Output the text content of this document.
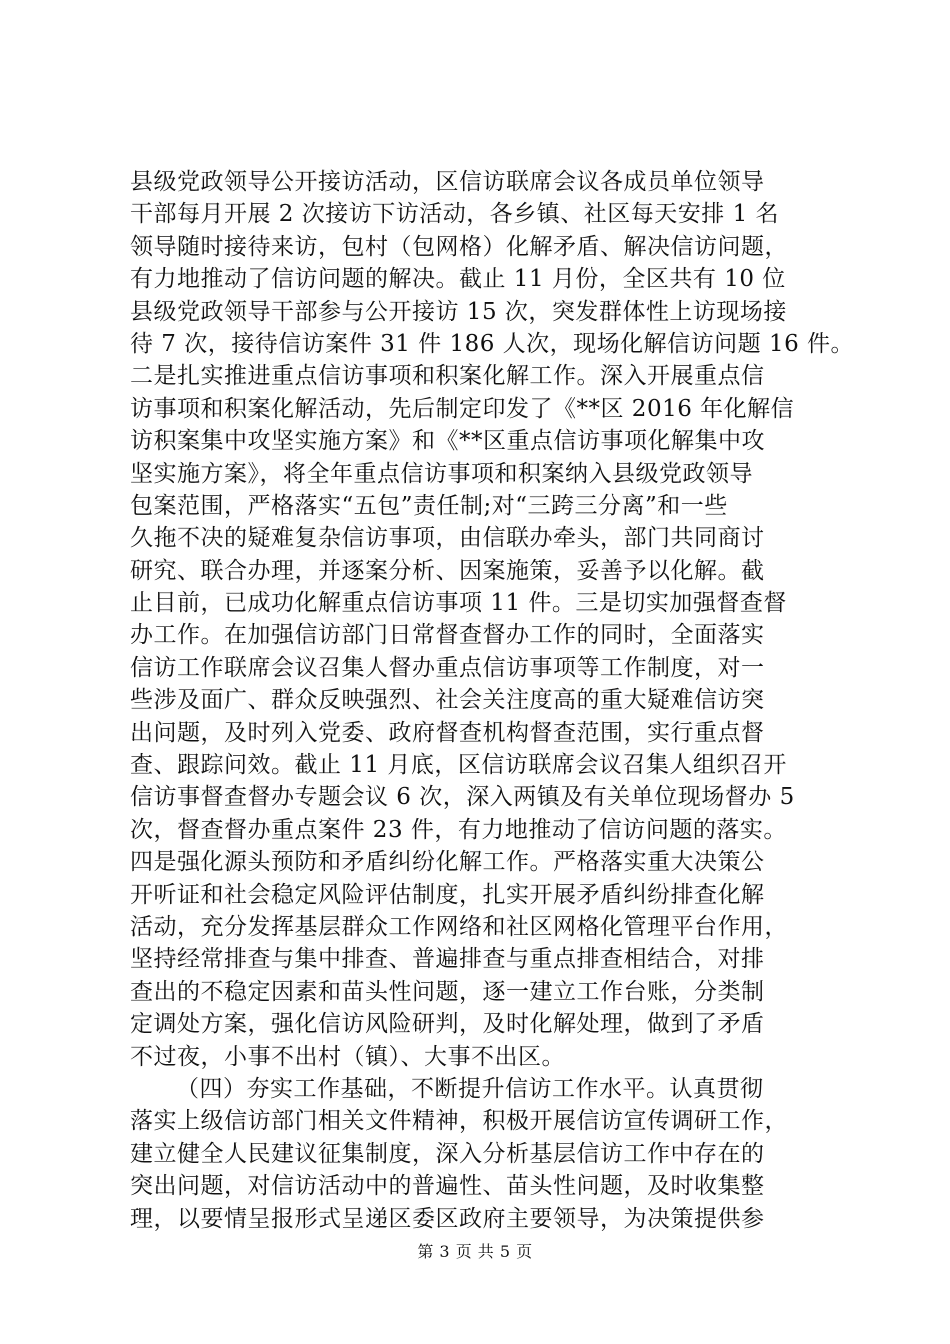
县级党政领导公开接访活动，区信访联席会议各成员单位领导
干部每月开展 2 次接访下访活动，各乡镇、社区每天安排 1 名
领导随时接待来访，包村（包网格）化解矛盾、解决信访问题，
有力地推动了信访问题的解决。截止 11 月份，全区共有 10 位
县级党政领导干部参与公开接访 15 次，突发群体性上访现场接
待 7 次，接待信访案件 31 件 186 人次，现场化解信访问题 16 件。
二是扎实推进重点信访事项和积案化解工作。深入开展重点信
访事项和积案化解活动，先后制定印发了《**区 2016 年化解信
访积案集中攻坚实施方案》和《**区重点信访事项化解集中攻
坚实施方案》，将全年重点信访事项和积案纳入县级党政领导
包案范围，严格落实“五包”责任制;对“三跨三分离”和一些
久拖不决的疑难复杂信访事项，由信联办牵头，部门共同商讨
研究、联合办理，并逐案分析、因案施策，妥善予以化解。截
止目前，已成功化解重点信访事项 11 件。三是切实加强督查督
办工作。在加强信访部门日常督查督办工作的同时，全面落实
信访工作联席会议召集人督办重点信访事项等工作制度，对一
些涉及面广、群众反映强烈、社会关注度高的重大疑难信访突
出问题，及时列入党委、政府督查机构督查范围，实行重点督
查、跟踪问效。截止 11 月底，区信访联席会议召集人组织召开
信访事督查督办专题会议 6 次，深入两镇及有关单位现场督办 5
次，督查督办重点案件 23 件，有力地推动了信访问题的落实。
四是强化源头预防和矛盾纠纷化解工作。严格落实重大决策公
开听证和社会稳定风险评估制度，扎实开展矛盾纠纷排查化解
活动，充分发挥基层群众工作网络和社区网格化管理平台作用，
坚持经常排查与集中排查、普遍排查与重点排查相结合，对排
查出的不稳定因素和苗头性问题，逐一建立工作台账，分类制
定调处方案，强化信访风险研判，及时化解处理，做到了矛盾
不过夜，小事不出村（镇）、大事不出区。
（四）夯实工作基础，不断提升信访工作水平。认真贯彻
落实上级信访部门相关文件精神，积极开展信访宣传调研工作，
建立健全人民建议征集制度，深入分析基层信访工作中存在的
突出问题，对信访活动中的普遍性、苗头性问题，及时收集整
理，以要情呈报形式呈递区委区政府主要领导，为决策提供参
第 3 页 共 5 页
